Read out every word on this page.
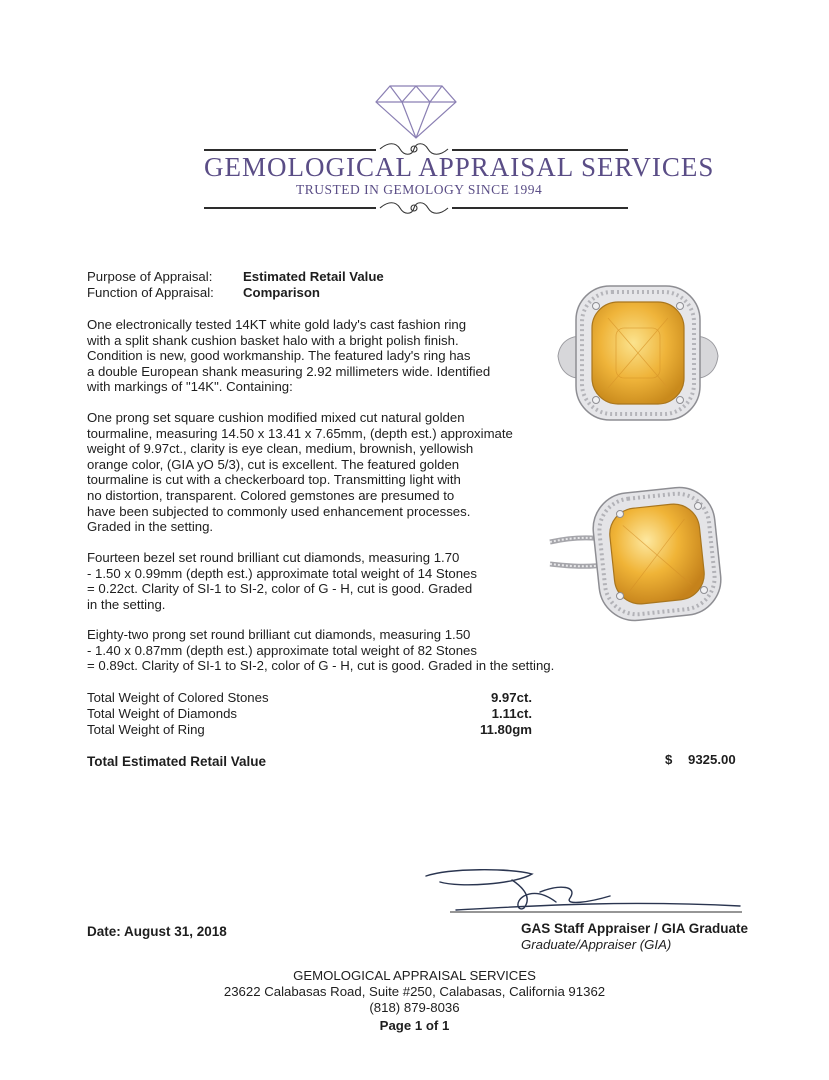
GEMOLOGICAL APPRAISAL SERVICES
TRUSTED IN GEMOLOGY SINCE 1994
Purpose of Appraisal: Estimated Retail Value
Function of Appraisal: Comparison
One electronically tested 14KT white gold lady's cast fashion ring
with a split shank cushion basket halo with a bright polish finish.
Condition is new, good workmanship. The featured lady's ring has
a double European shank measuring 2.92 millimeters wide. Identified
with markings of "14K". Containing:
One prong set square cushion modified mixed cut natural golden
tourmaline, measuring 14.50 x 13.41 x 7.65mm, (depth est.) approximate
weight of 9.97ct., clarity is eye clean, medium, brownish, yellowish
orange color, (GIA yO 5/3), cut is excellent. The featured golden
tourmaline is cut with a checkerboard top. Transmitting light with
no distortion, transparent. Colored gemstones are presumed to
have been subjected to commonly used enhancement processes.
Graded in the setting.
Fourteen bezel set round brilliant cut diamonds, measuring 1.70
- 1.50 x 0.99mm (depth est.) approximate total weight of 14 Stones
= 0.22ct. Clarity of SI-1 to SI-2, color of G - H, cut is good. Graded
in the setting.
Eighty-two prong set round brilliant cut diamonds, measuring 1.50
- 1.40 x 0.87mm (depth est.) approximate total weight of 82 Stones
= 0.89ct. Clarity of SI-1 to SI-2, color of G - H, cut is good. Graded in the setting.
Total Weight of Colored Stones	9.97ct.
Total Weight of Diamonds	1.11ct.
Total Weight of Ring	11.80gm
Total Estimated Retail Value	$ 9325.00
Date: August 31, 2018	GAS Staff Appraiser / GIA Graduate
Graduate/Appraiser (GIA)
GEMOLOGICAL APPRAISAL SERVICES
23622 Calabasas Road, Suite #250, Calabasas, California 91362
(818) 879-8036
Page 1 of 1
